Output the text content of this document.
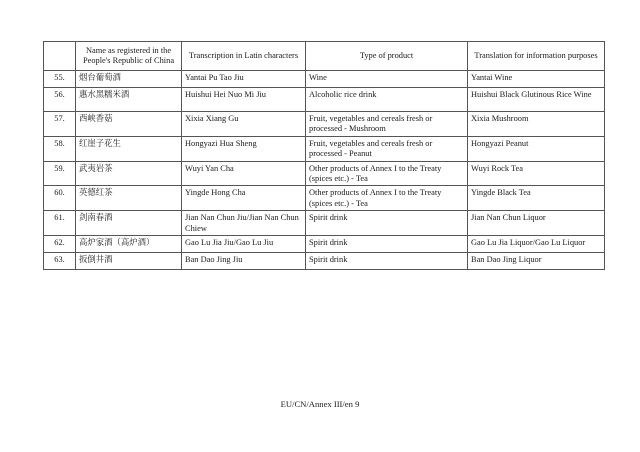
	Name as registered in the People's Republic of China	Transcription in Latin characters	Type of product	Translation for information purposes
55.	烟台葡萄酒	Yantai Pu Tao Jiu	Wine	Yantai Wine
56.	惠水黑糯米酒	Huishui Hei Nuo Mi Jiu	Alcoholic rice drink	Huishui Black Glutinous Rice Wine
57.	西峡香菇	Xixia Xiang Gu	Fruit, vegetables and cereals fresh or processed - Mushroom	Xixia Mushroom
58.	红崖子花生	Hongyazi Hua Sheng	Fruit, vegetables and cereals fresh or processed - Peanut	Hongyazi Peanut
59.	武夷岩茶	Wuyi Yan Cha	Other products of Annex I to the Treaty (spices etc.) - Tea	Wuyi Rock Tea
60.	英德红茶	Yingde Hong Cha	Other products of Annex I to the Treaty (spices etc.) - Tea	Yingde Black Tea
61.	剑南春酒	Jian Nan Chun Jiu/Jian Nan Chun Chiew	Spirit drink	Jian Nan Chun Liquor
62.	高炉家酒（高炉酒）	Gao Lu Jia Jiu/Gao Lu Jiu	Spirit drink	Gao Lu Jia Liquor/Gao Lu Liquor
63.	扳倒井酒	Ban Dao Jing Jiu	Spirit drink	Ban Dao Jing Liquor
EU/CN/Annex III/en 9
